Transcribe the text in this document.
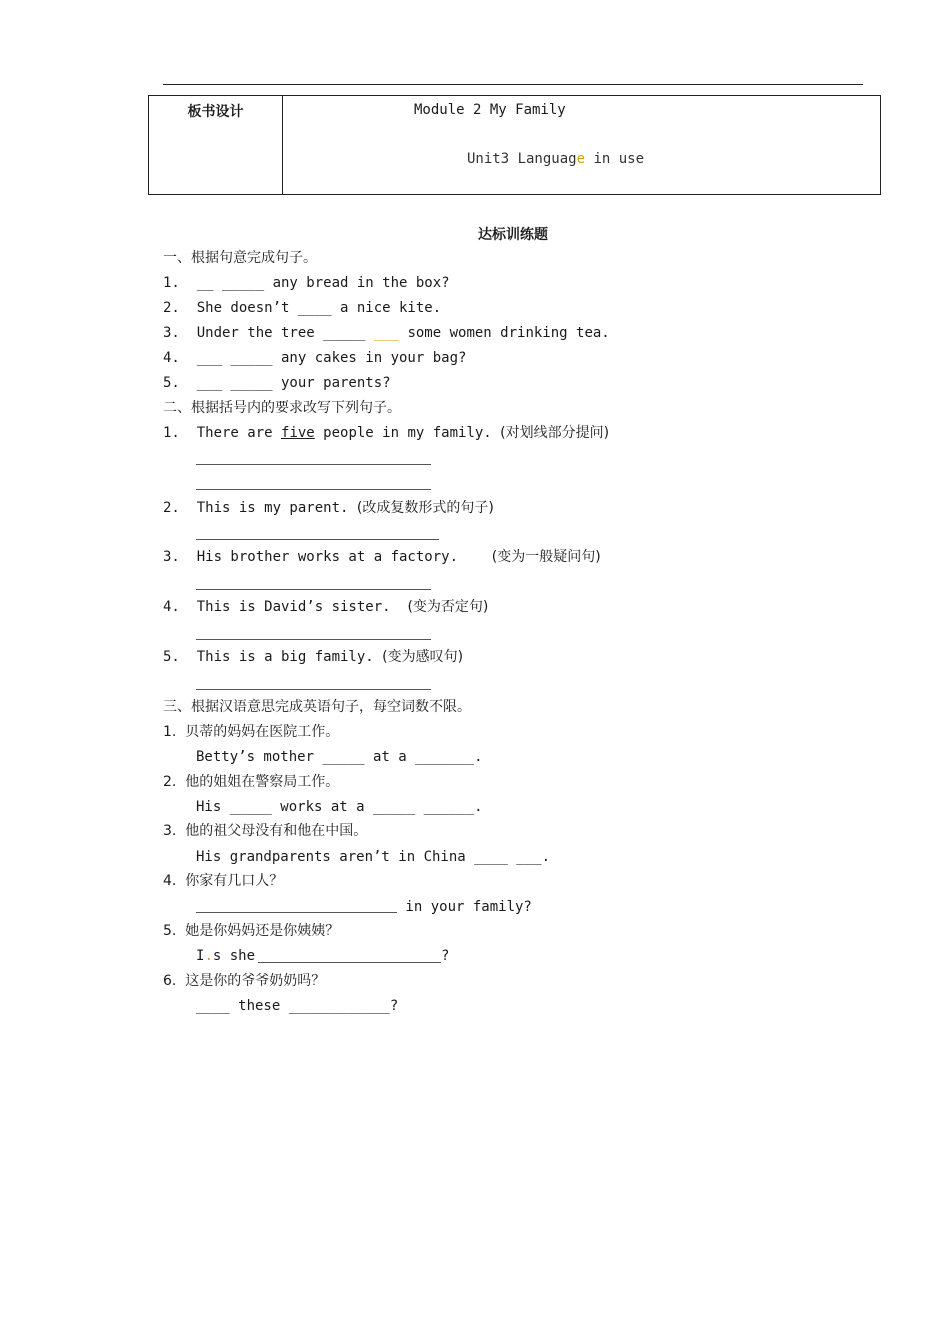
板书设计	Module 2 My Family
Unit3 Language in use
达标训练题
一、根据句意完成句子。
1.  __ _____ any bread in the box?
2.  She doesn’t ____ a nice kite.
3.  Under the tree _____ ___ some women drinking tea.
4.  ___ _____ any cakes in your bag?
5.  ___ _____ your parents?
二、根据括号内的要求改写下列句子。
1.  There are five people in my family. (对划线部分提问)
2.  This is my parent. (改成复数形式的句子)
3.  His brother works at a factory.    (变为一般疑问句)
4.  This is David’s sister.  (变为否定句)
5.  This is a big family. (变为感叹句)
三、根据汉语意思完成英语句子，每空词数不限。
1.  贝蒂的妈妈在医院工作。
Betty’s mother _____ at a _______.
2.  他的姐姐在警察局工作。
His _____ works at a _____ ______.
3.  他的祖父母没有和他在中国。
His grandparents aren’t in China ____ ___.
4.  你家有几口人？
in your family?
5.  她是你妈妈还是你姨姨？
I.s she	?
6.  这是你的爷爷奶奶吗？
____ these ____________?
